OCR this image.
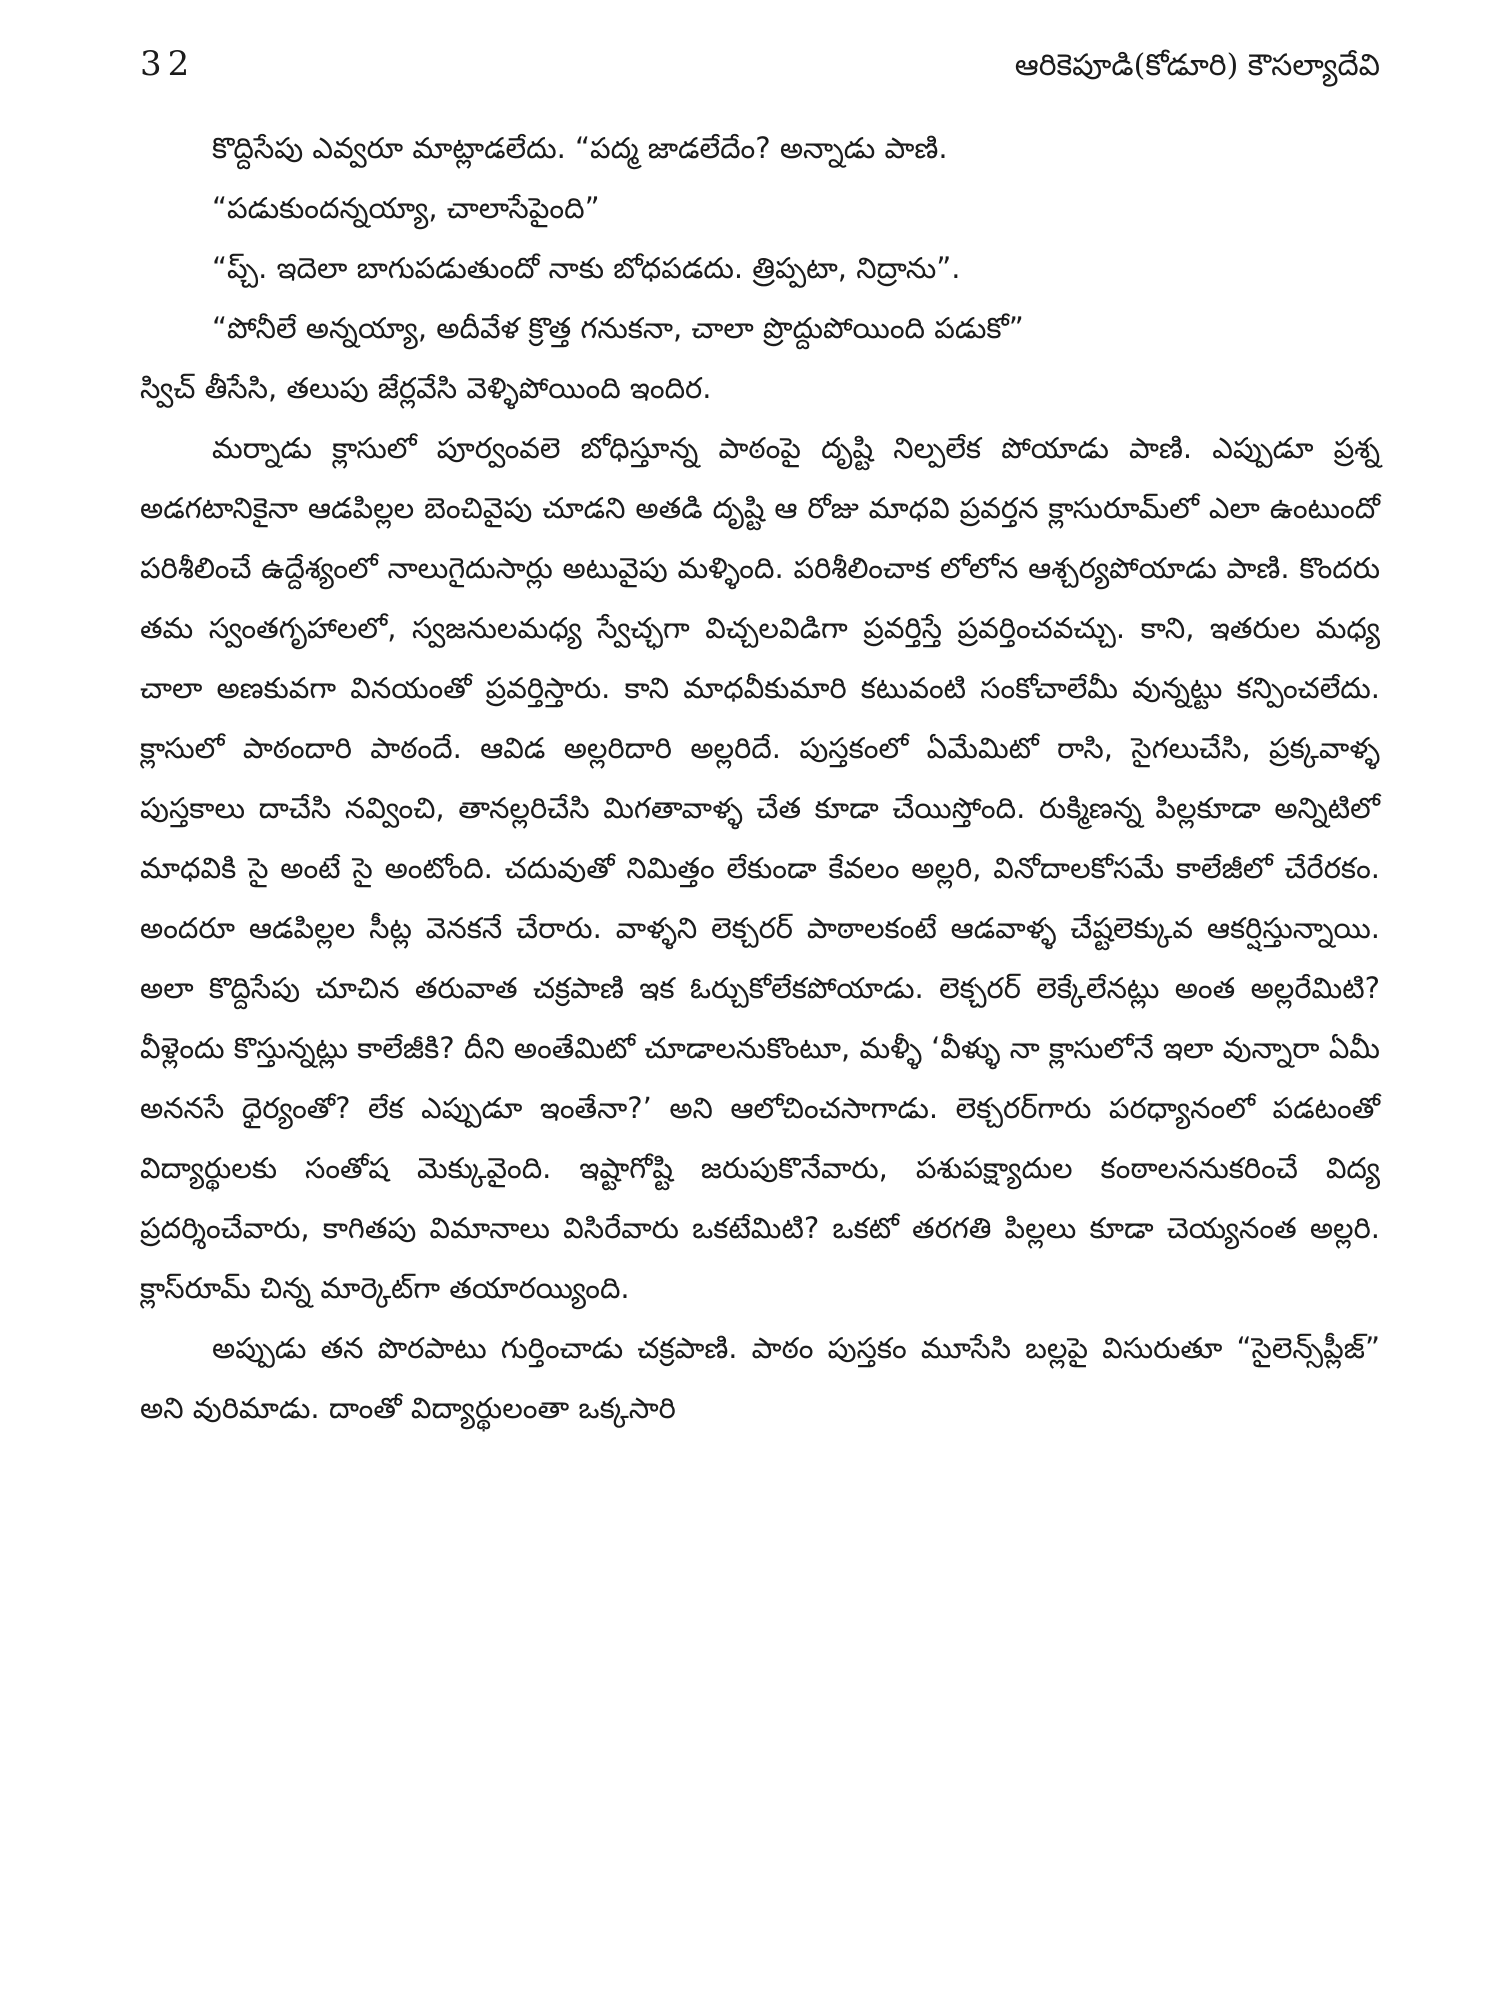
32	ఆరికెపూడి(కోడూరి) కౌసల్యాదేవి

కొద్దిసేపు ఎవ్వరూ మాట్లాడలేదు. “పద్మ జాడలేదేం? అన్నాడు పాణి.

“పడుకుందన్నయ్యా, చాలాసేపైంది”

“ప్చ్. ఇదెలా బాగుపడుతుందో నాకు బోధపడదు. త్రిప్పటా, నిద్రాను”.

“పోనీలే అన్నయ్యా, అదీవేళ క్రొత్త గనుకనా, చాలా ప్రొద్దుపోయింది పడుకో”

స్విచ్ తీసేసి, తలుపు జేర్లవేసి వెళ్ళిపోయింది ఇందిర.

మర్నాడు క్లాసులో పూర్వంవలె బోధిస్తూన్న పాఠంపై దృష్టి నిల్పలేక పోయాడు పాణి. ఎప్పుడూ ప్రశ్న అడగటానికైనా ఆడపిల్లల బెంచివైపు చూడని అతడి దృష్టి ఆ రోజు మాధవి ప్రవర్తన క్లాసురూమ్‌లో ఎలా ఉంటుందో పరిశీలించే ఉద్దేశ్యంలో నాలుగైదుసార్లు అటువైపు మళ్ళింది. పరిశీలించాక లోలోన ఆశ్చర్యపోయాడు పాణి. కొందరు తమ స్వంతగృహాలలో, స్వజనులమధ్య స్వేచ్ఛగా విచ్చలవిడిగా ప్రవర్తిస్తే ప్రవర్తించవచ్చు. కాని, ఇతరుల మధ్య చాలా అణకువగా వినయంతో ప్రవర్తిస్తారు. కాని మాధవీకుమారి కటువంటి సంకోచాలేమీ వున్నట్టు కన్పించలేదు. క్లాసులో పాఠందారి పాఠందే. ఆవిడ అల్లరిదారి అల్లరిదే. పుస్తకంలో ఏమేమిటో రాసి, సైగలుచేసి, ప్రక్కవాళ్ళ పుస్తకాలు దాచేసి నవ్వించి, తానల్లరిచేసి మిగతావాళ్ళ చేత కూడా చేయిస్తోంది. రుక్మిణన్న పిల్లకూడా అన్నిటిలో మాధవికి సై అంటే సై అంటోంది. చదువుతో నిమిత్తం లేకుండా కేవలం అల్లరి, వినోదాలకోసమే కాలేజీలో చేరేరకం. అందరూ ఆడపిల్లల సీట్ల వెనకనే చేరారు. వాళ్ళని లెక్చరర్ పాఠాలకంటే ఆడవాళ్ళ చేష్టలెక్కువ ఆకర్షిస్తున్నాయి. అలా కొద్దిసేపు చూచిన తరువాత చక్రపాణి ఇక ఓర్చుకోలేకపోయాడు. లెక్చరర్ లెక్కేలేనట్లు అంత అల్లరేమిటి? వీళ్లెందు కొస్తున్నట్లు కాలేజీకి? దీని అంతేమిటో చూడాలనుకొంటూ, మళ్ళీ ‘వీళ్ళు నా క్లాసులోనే ఇలా వున్నారా ఏమీ అననసే ధైర్యంతో? లేక ఎప్పుడూ ఇంతేనా?’ అని ఆలోచించసాగాడు. లెక్చరర్‌గారు పరధ్యానంలో పడటంతో విద్యార్థులకు సంతోష మెక్కువైంది. ఇష్టాగోష్టి జరుపుకొనేవారు, పశుపక్ష్యాదుల కంఠాలననుకరించే విద్య ప్రదర్శించేవారు, కాగితపు విమానాలు విసిరేవారు ఒకటేమిటి? ఒకటో తరగతి పిల్లలు కూడా చెయ్యనంత అల్లరి. క్లాస్‌రూమ్ చిన్న మార్కెట్‌గా తయారయ్యింది.

అప్పుడు తన పొరపాటు గుర్తించాడు చక్రపాణి. పాఠం పుస్తకం మూసేసి బల్లపై విసురుతూ “సైలెన్స్‌ప్లీజ్” అని వురిమాడు. దాంతో విద్యార్థులంతా ఒక్కసారి
